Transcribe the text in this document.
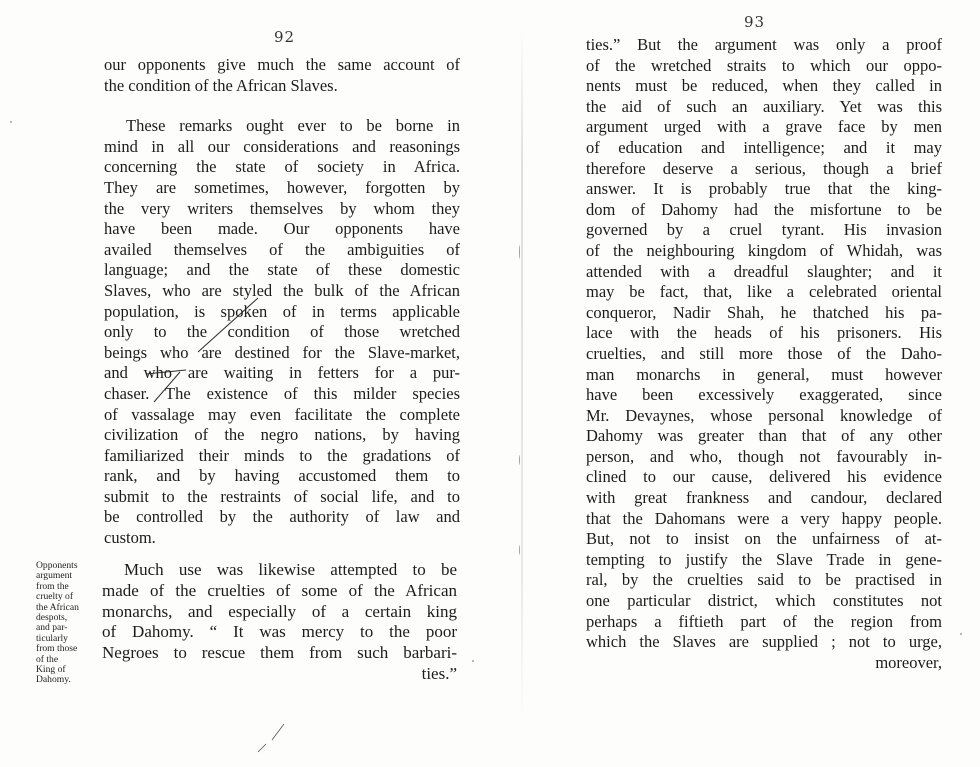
92
our opponents give much the same account of
the condition of the African Slaves.
These remarks ought ever to be borne in
mind in all our considerations and reasonings
concerning the state of society in Africa.
They are sometimes, however, forgotten by
the very writers themselves by whom they
have been made. Our opponents have
availed themselves of the ambiguities of
language; and the state of these domestic
Slaves, who are styled the bulk of the African
population, is spoken of in terms applicable
only to the condition of those wretched
beings who are destined for the Slave-market,
and who are waiting in fetters for a pur-
chaser. The existence of this milder species
of vassalage may even facilitate the complete
civilization of the negro nations, by having
familiarized their minds to the gradations of
rank, and by having accustomed them to
submit to the restraints of social life, and to
be controlled by the authority of law and
custom.
Opponents
argument
from the
cruelty of
the African
despots,
and par-
ticularly
from those
of the
King of
Dahomy.
Much use was likewise attempted to be
made of the cruelties of some of the African
monarchs, and especially of a certain king
of Dahomy. “ It was mercy to the poor
Negroes to rescue them from such barbari-
ties.”
93
ties.” But the argument was only a proof
of the wretched straits to which our oppo-
nents must be reduced, when they called in
the aid of such an auxiliary. Yet was this
argument urged with a grave face by men
of education and intelligence; and it may
therefore deserve a serious, though a brief
answer. It is probably true that the king-
dom of Dahomy had the misfortune to be
governed by a cruel tyrant. His invasion
of the neighbouring kingdom of Whidah, was
attended with a dreadful slaughter; and it
may be fact, that, like a celebrated oriental
conqueror, Nadir Shah, he thatched his pa-
lace with the heads of his prisoners. His
cruelties, and still more those of the Daho-
man monarchs in general, must however
have been excessively exaggerated, since
Mr. Devaynes, whose personal knowledge of
Dahomy was greater than that of any other
person, and who, though not favourably in-
clined to our cause, delivered his evidence
with great frankness and candour, declared
that the Dahomans were a very happy people.
But, not to insist on the unfairness of at-
tempting to justify the Slave Trade in gene-
ral, by the cruelties said to be practised in
one particular district, which constitutes not
perhaps a fiftieth part of the region from
which the Slaves are supplied ; not to urge,
moreover,
